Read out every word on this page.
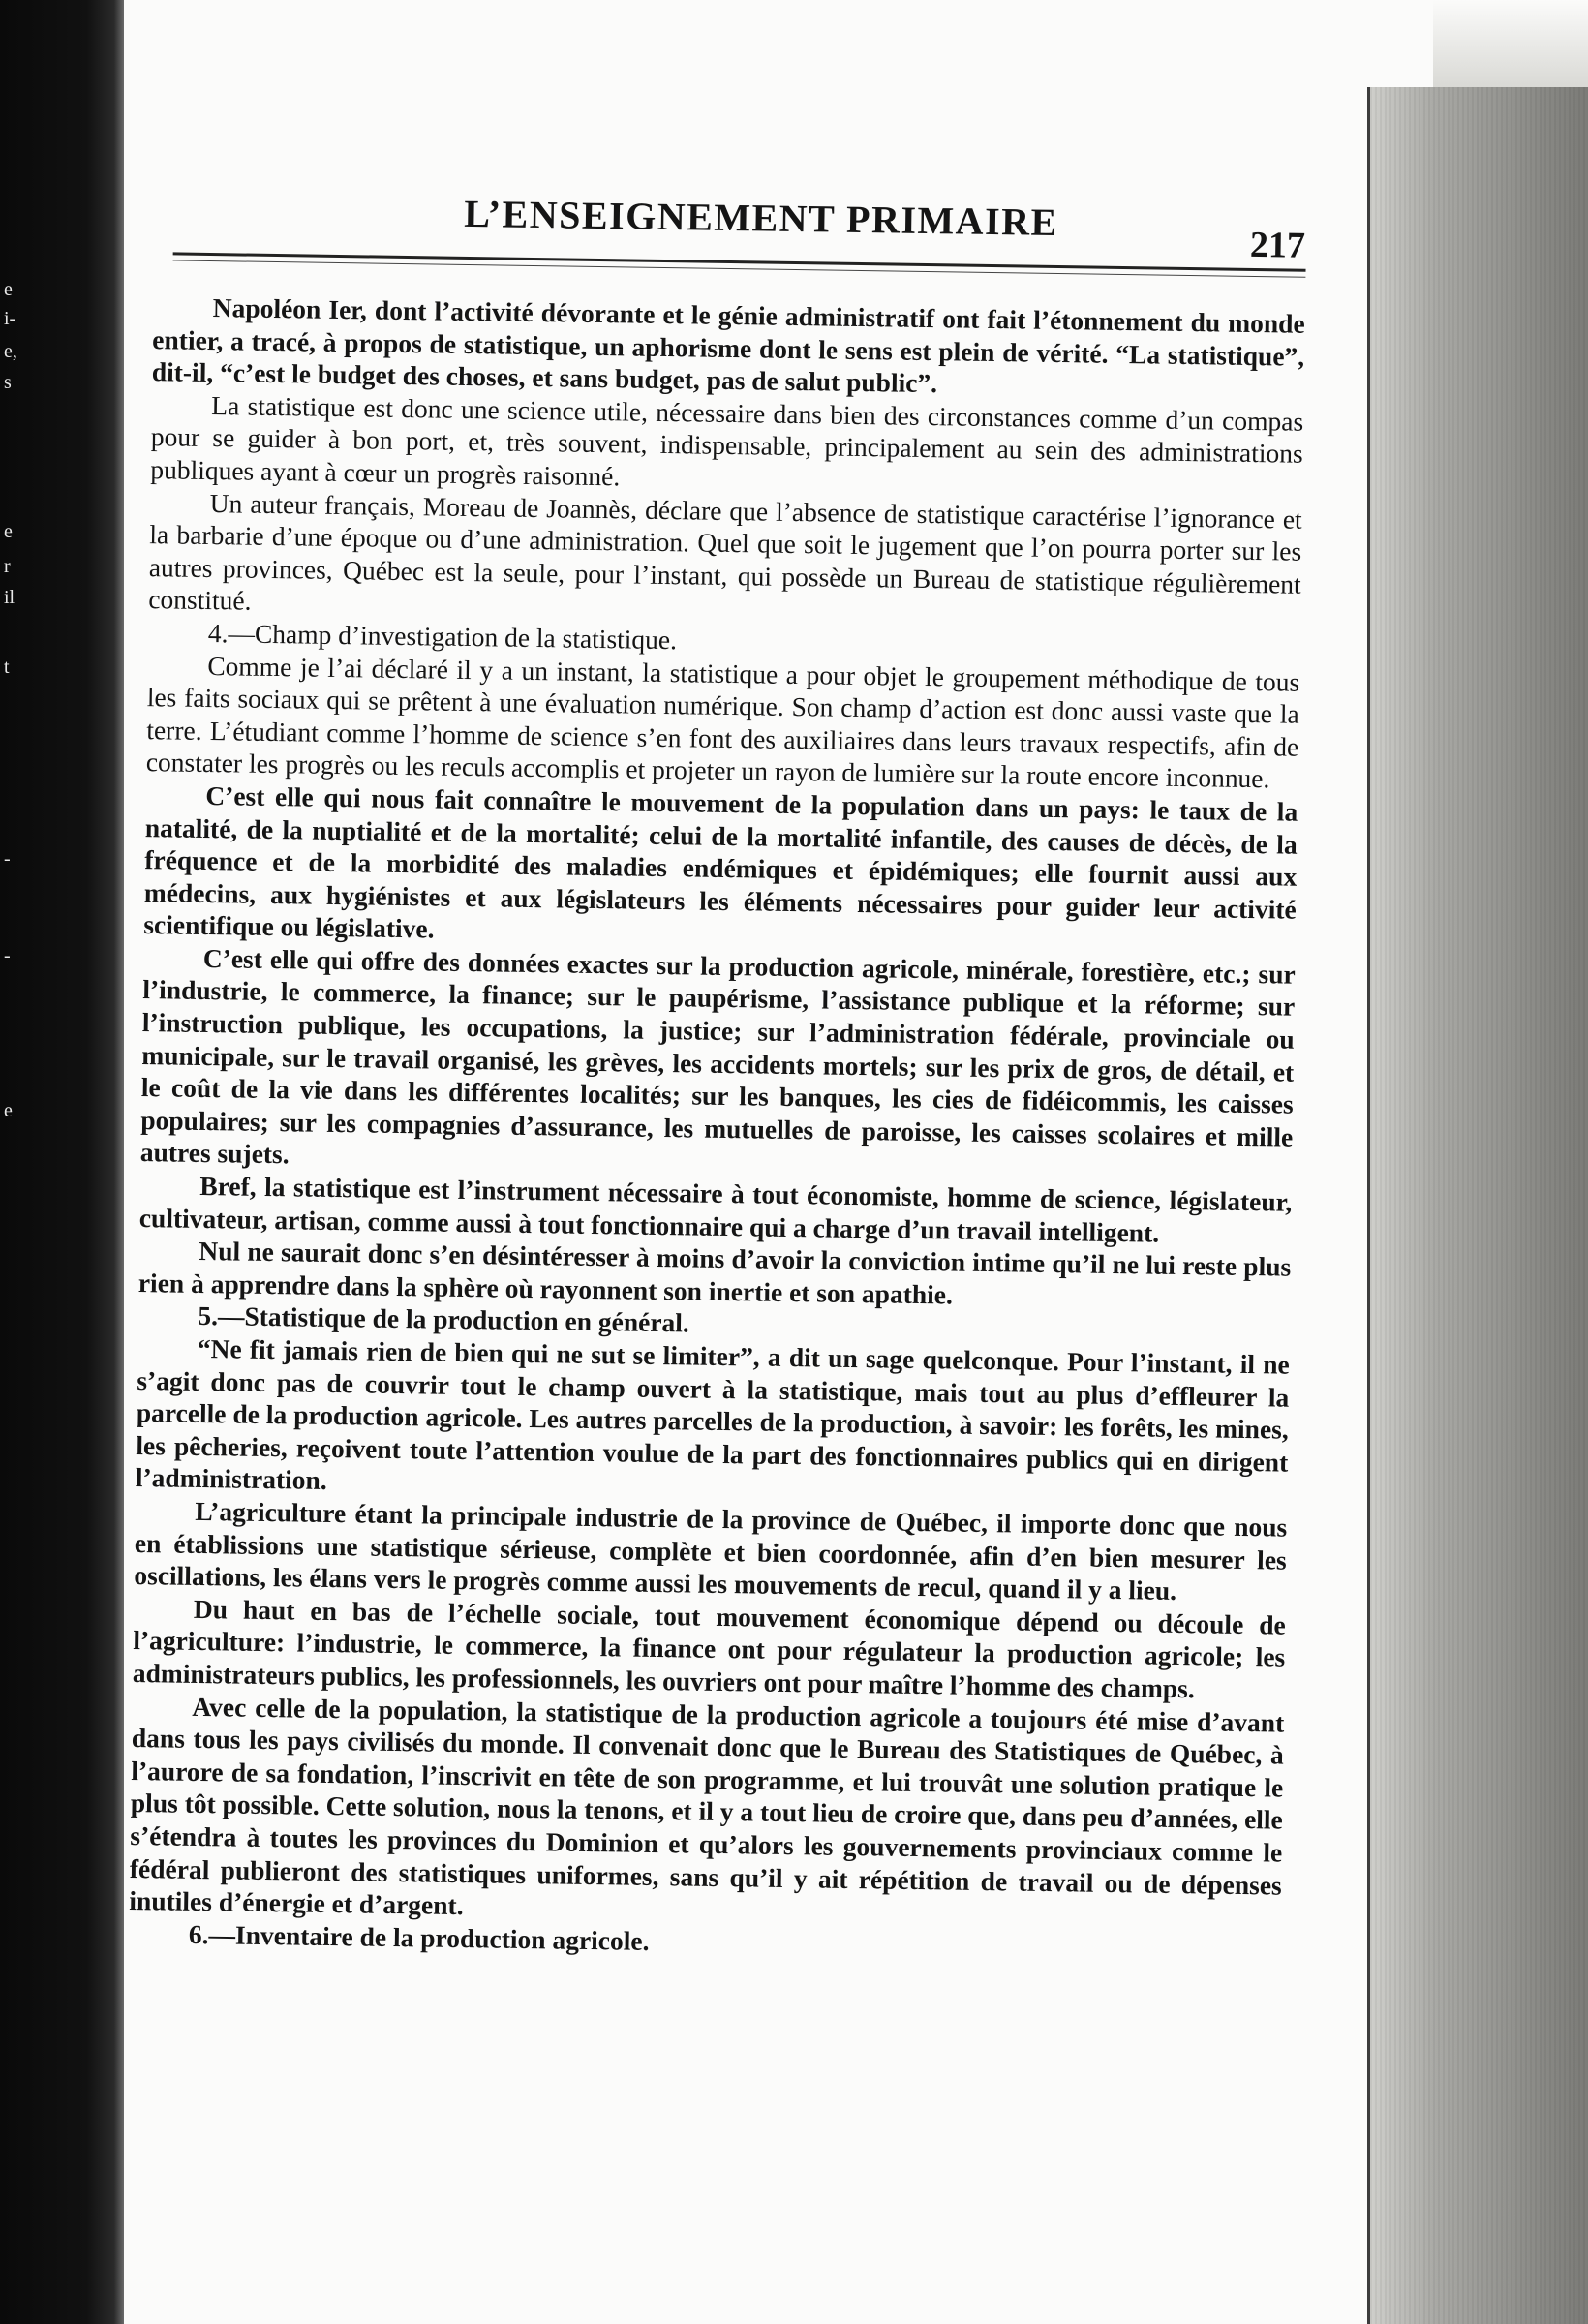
e
i-
e,
s
e
r
il
t
-
-
e
L’ENSEIGNEMENT PRIMAIRE
217

Napoléon Ier, dont l’activité dévorante et le génie administratif ont fait l’étonnement du monde entier, a tracé, à propos de statistique, un aphorisme dont le sens est plein de vérité. “La statistique”, dit-il, “c’est le budget des choses, et sans budget, pas de salut public”.

La statistique est donc une science utile, nécessaire dans bien des circonstances comme d’un compas pour se guider à bon port, et, très souvent, indispensable, principalement au sein des administrations publiques ayant à cœur un progrès raisonné.

Un auteur français, Moreau de Joannès, déclare que l’absence de statistique caractérise l’ignorance et la barbarie d’une époque ou d’une administration. Quel que soit le jugement que l’on pourra porter sur les autres provinces, Québec est la seule, pour l’instant, qui possède un Bureau de statistique régulièrement constitué.

4.—Champ d’investigation de la statistique.

Comme je l’ai déclaré il y a un instant, la statistique a pour objet le groupement méthodique de tous les faits sociaux qui se prêtent à une évaluation numérique. Son champ d’action est donc aussi vaste que la terre. L’étudiant comme l’homme de science s’en font des auxiliaires dans leurs travaux respectifs, afin de constater les progrès ou les reculs accomplis et projeter un rayon de lumière sur la route encore inconnue.

C’est elle qui nous fait connaître le mouvement de la population dans un pays: le taux de la natalité, de la nuptialité et de la mortalité; celui de la mortalité infantile, des causes de décès, de la fréquence et de la morbidité des maladies endémiques et épidémiques; elle fournit aussi aux médecins, aux hygiénistes et aux législateurs les éléments nécessaires pour guider leur activité scientifique ou législative.

C’est elle qui offre des données exactes sur la production agricole, minérale, forestière, etc.; sur l’industrie, le commerce, la finance; sur le paupérisme, l’assistance publique et la réforme; sur l’instruction publique, les occupations, la justice; sur l’administration fédérale, provinciale ou municipale, sur le travail organisé, les grèves, les accidents mortels; sur les prix de gros, de détail, et le coût de la vie dans les différentes localités; sur les banques, les cies de fidéicommis, les caisses populaires; sur les compagnies d’assurance, les mutuelles de paroisse, les caisses scolaires et mille autres sujets.

Bref, la statistique est l’instrument nécessaire à tout économiste, homme de science, législateur, cultivateur, artisan, comme aussi à tout fonctionnaire qui a charge d’un travail intelligent.

Nul ne saurait donc s’en désintéresser à moins d’avoir la conviction intime qu’il ne lui reste plus rien à apprendre dans la sphère où rayonnent son inertie et son apathie.

5.—Statistique de la production en général.

“Ne fit jamais rien de bien qui ne sut se limiter”, a dit un sage quelconque. Pour l’instant, il ne s’agit donc pas de couvrir tout le champ ouvert à la statistique, mais tout au plus d’effleurer la parcelle de la production agricole. Les autres parcelles de la production, à savoir: les forêts, les mines, les pêcheries, reçoivent toute l’attention voulue de la part des fonctionnaires publics qui en dirigent l’administration.

L’agriculture étant la principale industrie de la province de Québec, il importe donc que nous en établissions une statistique sérieuse, complète et bien coordonnée, afin d’en bien mesurer les oscillations, les élans vers le progrès comme aussi les mouvements de recul, quand il y a lieu.

Du haut en bas de l’échelle sociale, tout mouvement économique dépend ou découle de l’agriculture: l’industrie, le commerce, la finance ont pour régulateur la production agricole; les administrateurs publics, les professionnels, les ouvriers ont pour maître l’homme des champs.

Avec celle de la population, la statistique de la production agricole a toujours été mise d’avant dans tous les pays civilisés du monde. Il convenait donc que le Bureau des Statistiques de Québec, à l’aurore de sa fondation, l’inscrivit en tête de son programme, et lui trouvât une solution pratique le plus tôt possible. Cette solution, nous la tenons, et il y a tout lieu de croire que, dans peu d’années, elle s’étendra à toutes les provinces du Dominion et qu’alors les gouvernements provinciaux comme le fédéral publieront des statistiques uniformes, sans qu’il y ait répétition de travail ou de dépenses inutiles d’énergie et d’argent.

6.—Inventaire de la production agricole.
